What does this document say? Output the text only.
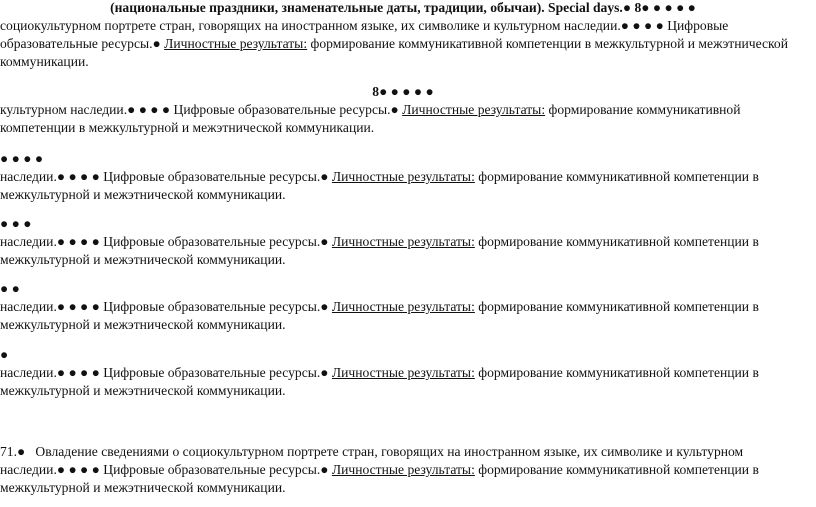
(национальные праздники, знаменательные даты, традиции, обычаи). Special days.● 8● ● ● ● ●
социокультурном портрете стран, говорящих на иностранном языке, их символике и культурном наследии.● ● ● ● Цифровые
образовательные ресурсы.● Личностные результаты: формирование коммуникативной компетенции в межкультурной и межэтнической
коммуникации.
8● ● ● ● ●
культурном наследии.● ● ● ● Цифровые образовательные ресурсы.● Личностные результаты: формирование коммуникативной
компетенции в межкультурной и межэтнической коммуникации.
● ● ● ●
наследии.● ● ● ● Цифровые образовательные ресурсы.● Личностные результаты: формирование коммуникативной компетенции в
межкультурной и межэтнической коммуникации.
● ● ●
наследии.● ● ● ● Цифровые образовательные ресурсы.● Личностные результаты: формирование коммуникативной компетенции в
межкультурной и межэтнической коммуникации.
● ●
наследии.● ● ● ● Цифровые образовательные ресурсы.● Личностные результаты: формирование коммуникативной компетенции в
межкультурной и межэтнической коммуникации.
●
наследии.● ● ● ● Цифровые образовательные ресурсы.● Личностные результаты: формирование коммуникативной компетенции в
межкультурной и межэтнической коммуникации.
71.●   Овладение сведениями о социокультурном портрете стран, говорящих на иностранном языке, их символике и культурном
наследии.● ● ● ● Цифровые образовательные ресурсы.● Личностные результаты: формирование коммуникативной компетенции в
межкультурной и межэтнической коммуникации.
